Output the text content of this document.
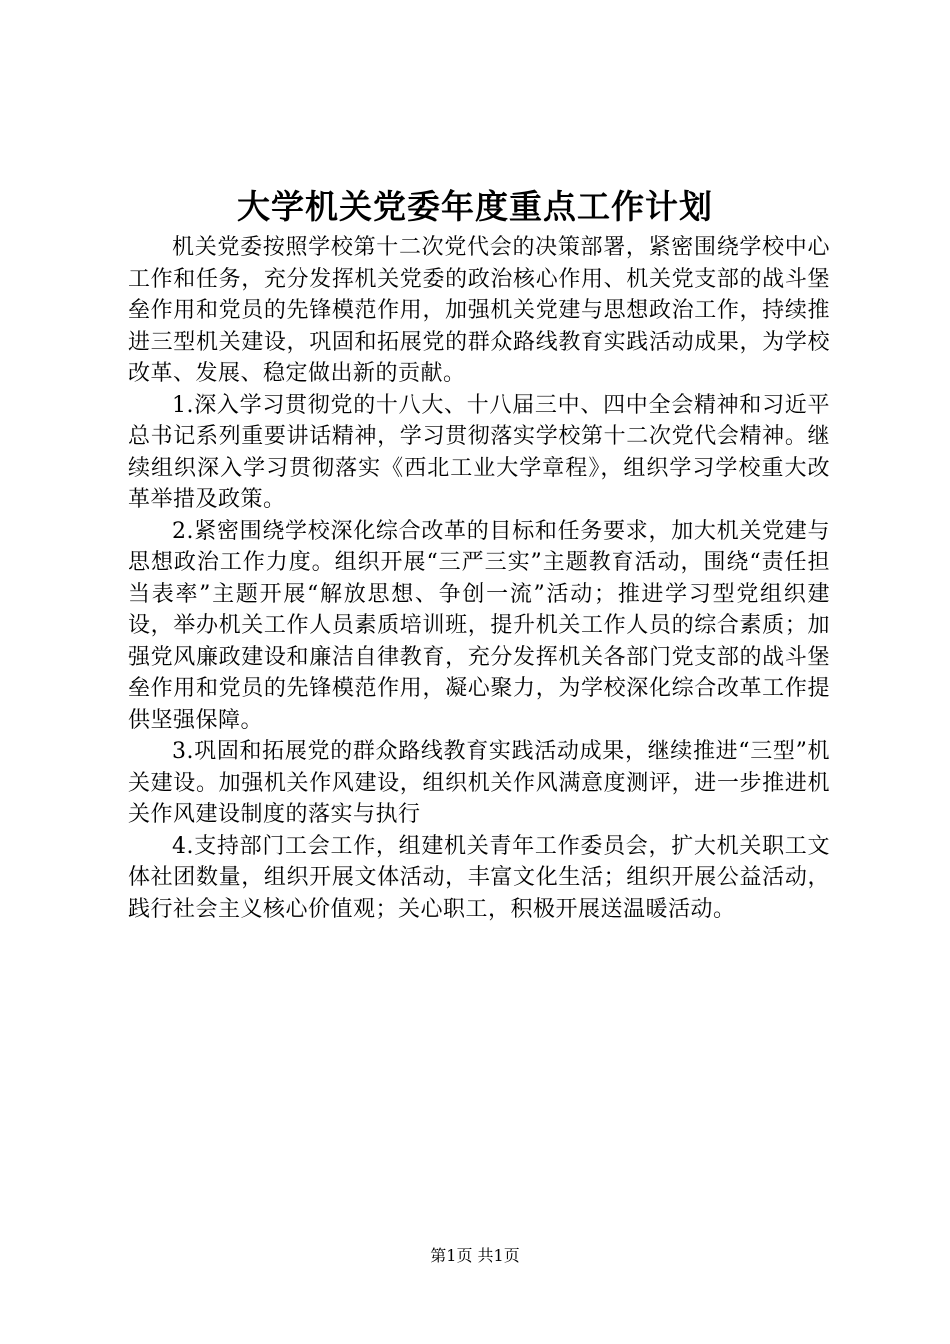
大学机关党委年度重点工作计划

机关党委按照学校第十二次党代会的决策部署，紧密围绕学校中心工作和任务，充分发挥机关党委的政治核心作用、机关党支部的战斗堡垒作用和党员的先锋模范作用，加强机关党建与思想政治工作，持续推进三型机关建设，巩固和拓展党的群众路线教育实践活动成果，为学校改革、发展、稳定做出新的贡献。

1.深入学习贯彻党的十八大、十八届三中、四中全会精神和习近平总书记系列重要讲话精神，学习贯彻落实学校第十二次党代会精神。继续组织深入学习贯彻落实《西北工业大学章程》，组织学习学校重大改革举措及政策。

2.紧密围绕学校深化综合改革的目标和任务要求，加大机关党建与思想政治工作力度。组织开展“三严三实”主题教育活动，围绕“责任担当表率”主题开展“解放思想、争创一流”活动；推进学习型党组织建设，举办机关工作人员素质培训班，提升机关工作人员的综合素质；加强党风廉政建设和廉洁自律教育，充分发挥机关各部门党支部的战斗堡垒作用和党员的先锋模范作用，凝心聚力，为学校深化综合改革工作提供坚强保障。

3.巩固和拓展党的群众路线教育实践活动成果，继续推进“三型”机关建设。加强机关作风建设，组织机关作风满意度测评，进一步推进机关作风建设制度的落实与执行

4.支持部门工会工作，组建机关青年工作委员会，扩大机关职工文体社团数量，组织开展文体活动，丰富文化生活；组织开展公益活动，践行社会主义核心价值观；关心职工，积极开展送温暖活动。

第1页 共1页
